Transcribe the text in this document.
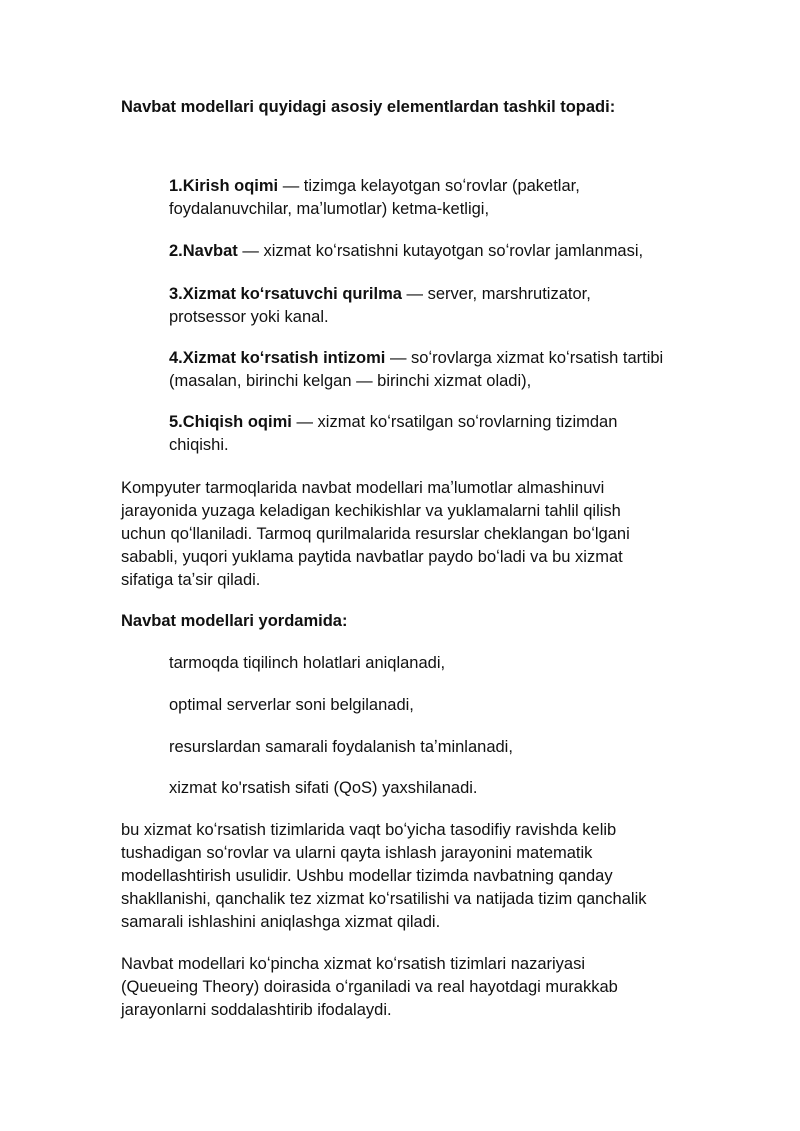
Navbat modellari quyidagi asosiy elementlardan tashkil topadi:
1.Kirish oqimi — tizimga kelayotgan soʻrovlar (paketlar,
foydalanuvchilar, maʼlumotlar) ketma-ketligi,
2.Navbat — xizmat koʻrsatishni kutayotgan soʻrovlar jamlanmasi,
3.Xizmat koʻrsatuvchi qurilma — server, marshrutizator,
protsessor yoki kanal.
4.Xizmat koʻrsatish intizomi — soʻrovlarga xizmat koʻrsatish tartibi
(masalan, birinchi kelgan — birinchi xizmat oladi),
5.Chiqish oqimi — xizmat koʻrsatilgan soʻrovlarning tizimdan
chiqishi.
Kompyuter tarmoqlarida navbat modellari maʼlumotlar almashinuvi
jarayonida yuzaga keladigan kechikishlar va yuklamalarni tahlil qilish
uchun qoʻllaniladi. Tarmoq qurilmalarida resurslar cheklangan boʻlgani
sababli, yuqori yuklama paytida navbatlar paydo boʻladi va bu xizmat
sifatiga taʼsir qiladi.
Navbat modellari yordamida:
tarmoqda tiqilinch holatlari aniqlanadi,
optimal serverlar soni belgilanadi,
resurslardan samarali foydalanish taʼminlanadi,
xizmat ko'rsatish sifati (QoS) yaxshilanadi.
bu xizmat koʻrsatish tizimlarida vaqt boʻyicha tasodifiy ravishda kelib
tushadigan soʻrovlar va ularni qayta ishlash jarayonini matematik
modellashtirish usulidir. Ushbu modellar tizimda navbatning qanday
shakllanishi, qanchalik tez xizmat koʻrsatilishi va natijada tizim qanchalik
samarali ishlashini aniqlashga xizmat qiladi.
Navbat modellari koʻpincha xizmat koʻrsatish tizimlari nazariyasi
(Queueing Theory) doirasida oʻrganiladi va real hayotdagi murakkab
jarayonlarni soddalashtirib ifodalaydi.
